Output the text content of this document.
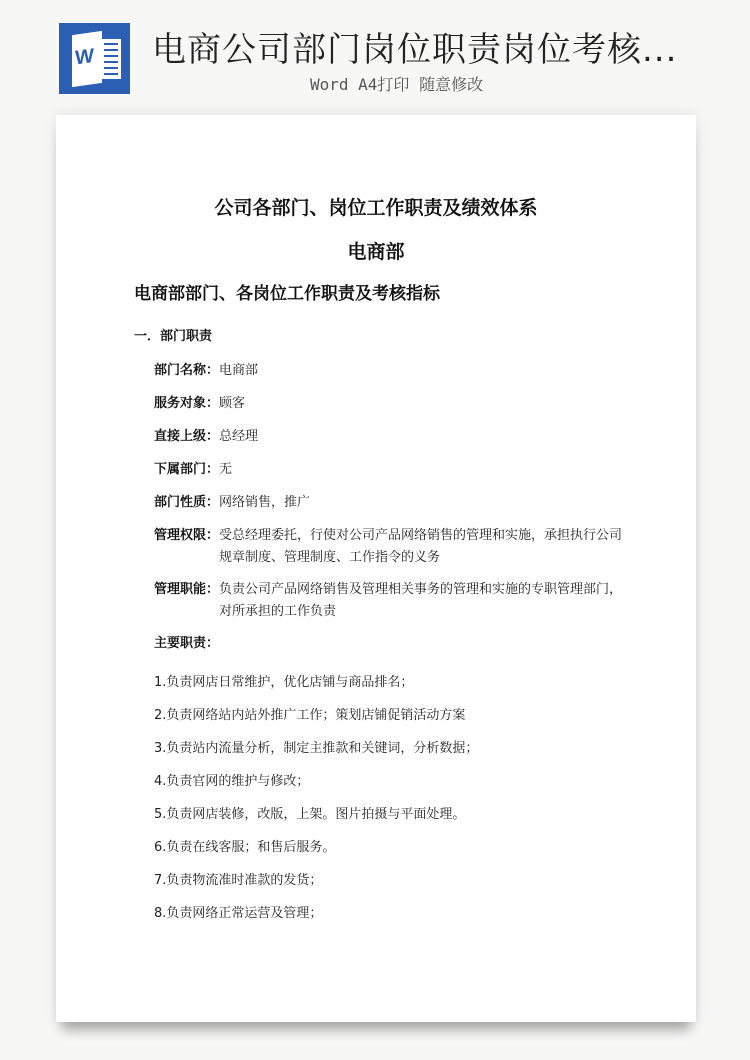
W 电商公司部门岗位职责岗位考核...
Word A4打印 随意修改
公司各部门、岗位工作职责及绩效体系
电商部
电商部部门、各岗位工作职责及考核指标
一．部门职责
部门名称： 电商部
服务对象： 顾客
直接上级： 总经理
下属部门： 无
部门性质： 网络销售，推广
管理权限： 受总经理委托，行使对公司产品网络销售的管理和实施，承担执行公司规章制度、管理制度、工作指令的义务
管理职能： 负责公司产品网络销售及管理相关事务的管理和实施的专职管理部门，对所承担的工作负责
主要职责：
1.负责网店日常维护，优化店铺与商品排名；
2.负责网络站内站外推广工作；策划店铺促销活动方案
3.负责站内流量分析，制定主推款和关键词，分析数据；
4.负责官网的维护与修改；
5.负责网店装修，改版，上架。图片拍摄与平面处理。
6.负责在线客服；和售后服务。
7.负责物流准时准款的发货；
8.负责网络正常运营及管理；
